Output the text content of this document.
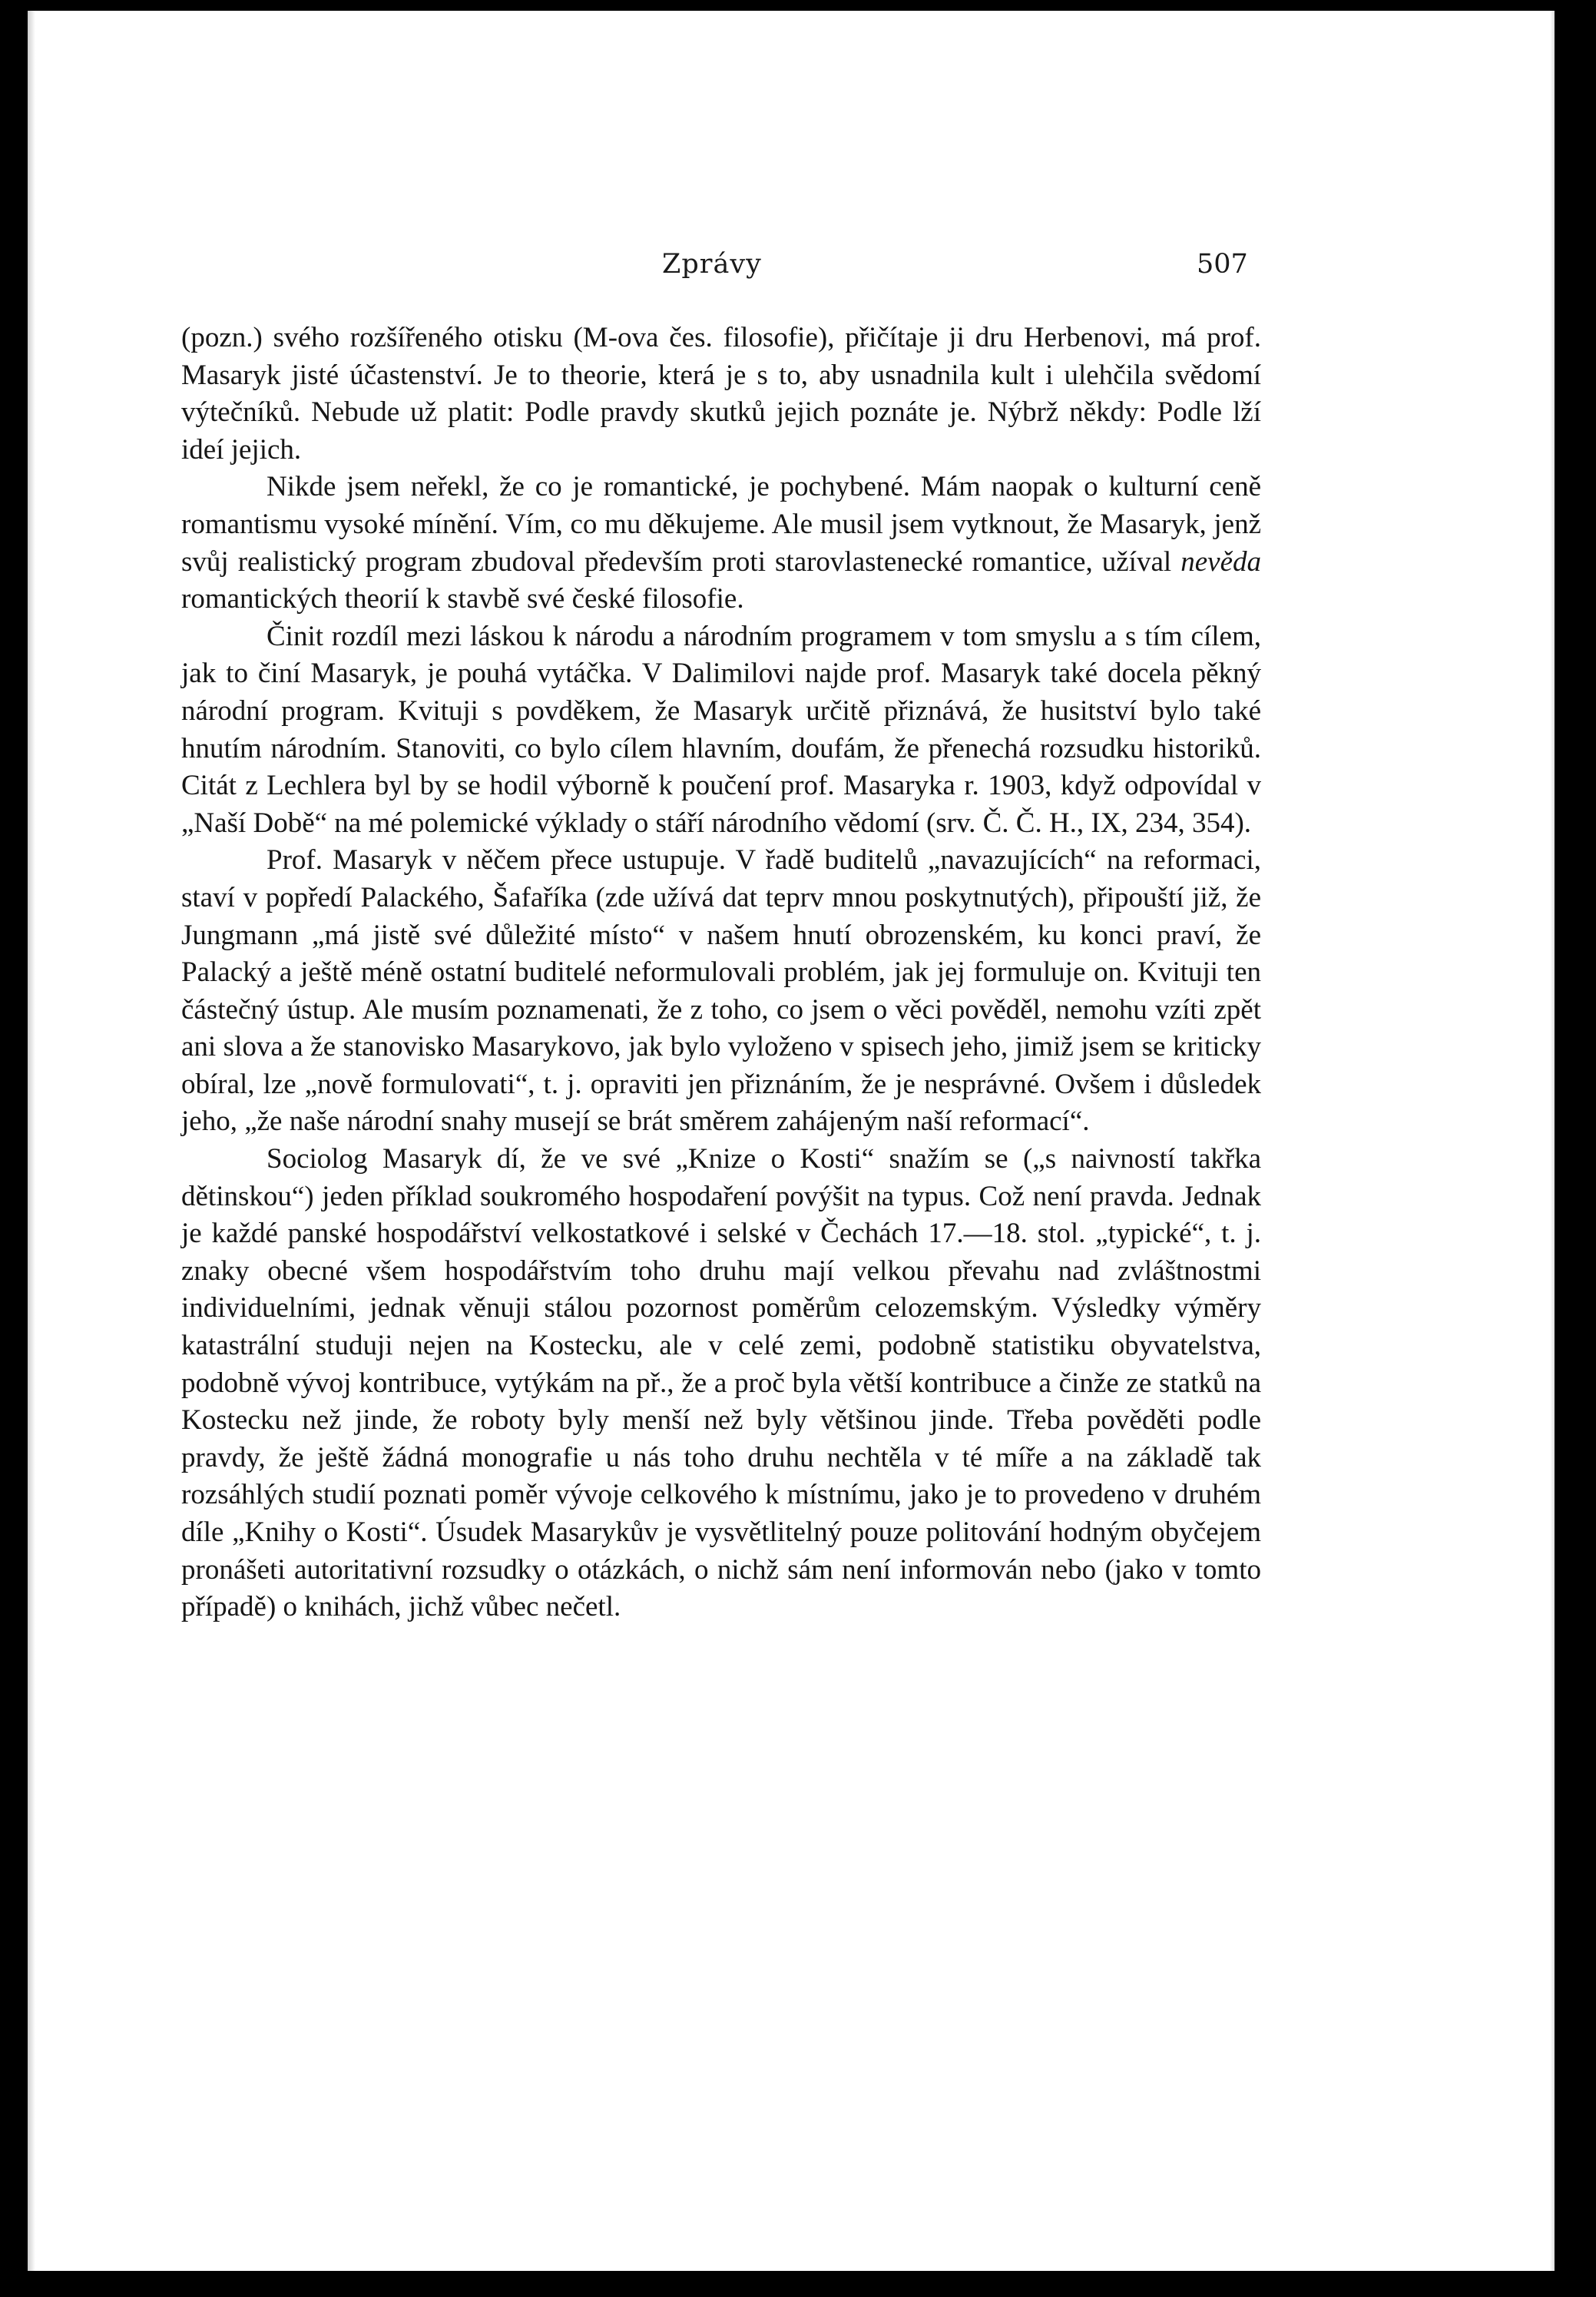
Zprávy	507

(pozn.) svého rozšířeného otisku (M-ova čes. filosofie), přičítaje ji dru Herbenovi, má prof. Masaryk jisté účastenství. Je to theorie, která je s to, aby usnadnila kult i ulehčila svědomí výtečníků. Nebude už platit: Podle pravdy skutků jejich poznáte je. Nýbrž někdy: Podle lží ideí jejich.

Nikde jsem neřekl, že co je romantické, je pochybené. Mám naopak o kulturní ceně romantismu vysoké mínění. Vím, co mu děkujeme. Ale musil jsem vytknout, že Masaryk, jenž svůj realistický program zbudoval především proti starovlastenecké romantice, užíval nevěda romantických theorií k stavbě své české filosofie.

Činit rozdíl mezi láskou k národu a národním programem v tom smyslu a s tím cílem, jak to činí Masaryk, je pouhá vytáčka. V Dalimilovi najde prof. Masaryk také docela pěkný národní program. Kvituji s povděkem, že Masaryk určitě přiznává, že husitství bylo také hnutím národním. Stanoviti, co bylo cílem hlavním, doufám, že přenechá rozsudku historiků. Citát z Lechlera byl by se hodil výborně k poučení prof. Masaryka r. 1903, když odpovídal v „Naší Době“ na mé polemické výklady o stáří národního vědomí (srv. Č. Č. H., IX, 234, 354).

Prof. Masaryk v něčem přece ustupuje. V řadě buditelů „navazujících“ na reformaci, staví v popředí Palackého, Šafaříka (zde užívá dat teprv mnou poskytnutých), připouští již, že Jungmann „má jistě své důležité místo“ v našem hnutí obrozenském, ku konci praví, že Palacký a ještě méně ostatní buditelé neformulovali problém, jak jej formuluje on. Kvituji ten částečný ústup. Ale musím poznamenati, že z toho, co jsem o věci pověděl, nemohu vzíti zpět ani slova a že stanovisko Masarykovo, jak bylo vyloženo v spisech jeho, jimiž jsem se kriticky obíral, lze „nově formulovati“, t. j. opraviti jen přiznáním, že je nesprávné. Ovšem i důsledek jeho, „že naše národní snahy musejí se brát směrem zahájeným naší reformací“.

Sociolog Masaryk dí, že ve své „Knize o Kosti“ snažím se („s naivností takřka dětinskou“) jeden příklad soukromého hospodaření povýšit na typus. Což není pravda. Jednak je každé panské hospodářství velkostatkové i selské v Čechách 17.—18. stol. „typické“, t. j. znaky obecné všem hospodářstvím toho druhu mají velkou převahu nad zvláštnostmi individuelními, jednak věnuji stálou pozornost poměrům celozemským. Výsledky výměry katastrální studuji nejen na Kostecku, ale v celé zemi, podobně statistiku obyvatelstva, podobně vývoj kontribuce, vytýkám na př., že a proč byla větší kontribuce a činže ze statků na Kostecku než jinde, že roboty byly menší než byly většinou jinde. Třeba pověděti podle pravdy, že ještě žádná monografie u nás toho druhu nechtěla v té míře a na základě tak rozsáhlých studií poznati poměr vývoje celkového k místnímu, jako je to provedeno v druhém díle „Knihy o Kosti“. Úsudek Masarykův je vysvětlitelný pouze politování hodným obyčejem pronášeti autoritativní rozsudky o otázkách, o nichž sám není informován nebo (jako v tomto případě) o knihách, jichž vůbec nečetl.
